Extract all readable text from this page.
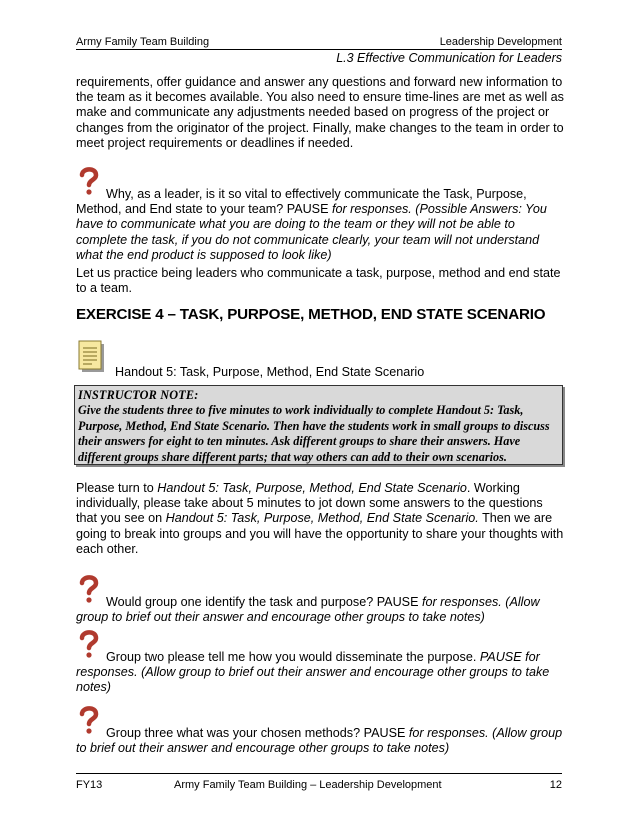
Army Family Team Building	Leadership Development
L.3 Effective Communication for Leaders

requirements, offer guidance and answer any questions and forward new information to

the team as it becomes available. You also need to ensure time-lines are met as well as

make and communicate any adjustments needed based on progress of the project or

changes from the originator of the project. Finally, make changes to the team in order to

meet project requirements or deadlines if needed.

Why, as a leader, is it so vital to effectively communicate the Task, Purpose,

Method, and End state to your team? PAUSE for responses. (Possible Answers: You

have to communicate what you are doing to the team or they will not be able to

complete the task, if you do not communicate clearly, your team will not understand

what the end product is supposed to look like)

Let us practice being leaders who communicate a task, purpose, method and end state

to a team.

EXERCISE 4 – TASK, PURPOSE, METHOD, END STATE SCENARIO
Handout 5: Task, Purpose, Method, End State Scenario
INSTRUCTOR NOTE:
Give the students three to five minutes to work individually to complete Handout 5: Task,
Purpose, Method, End State Scenario. Then have the students work in small groups to discuss
their answers for eight to ten minutes. Ask different groups to share their answers. Have
different groups share different parts; that way others can add to their own scenarios.

Please turn to Handout 5: Task, Purpose, Method, End State Scenario. Working

individually, please take about 5 minutes to jot down some answers to the questions

that you see on Handout 5: Task, Purpose, Method, End State Scenario. Then we are

going to break into groups and you will have the opportunity to share your thoughts with

each other.

Would group one identify the task and purpose? PAUSE for responses. (Allow

group to brief out their answer and encourage other groups to take notes)

Group two please tell me how you would disseminate the purpose. PAUSE for

responses. (Allow group to brief out their answer and encourage other groups to take

notes)

Group three what was your chosen methods? PAUSE for responses. (Allow group

to brief out their answer and encourage other groups to take notes)

FY13	Army Family Team Building – Leadership Development	12
